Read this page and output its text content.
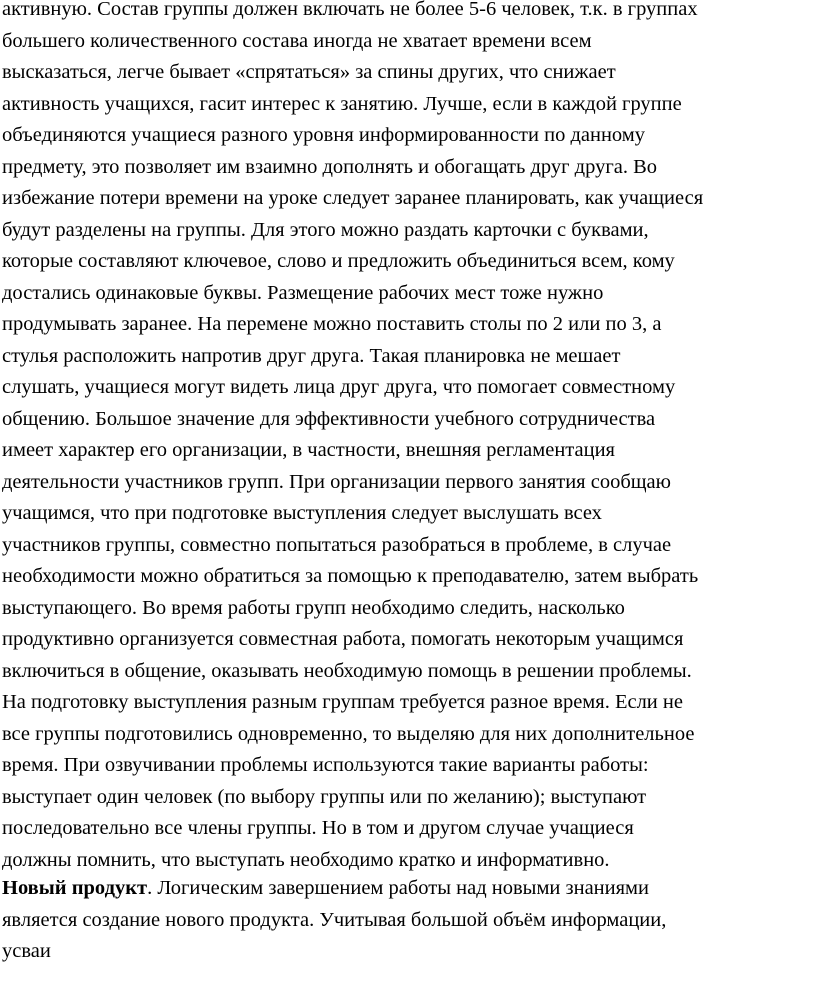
активную. Состав группы должен включать не более 5-6 человек, т.к. в группах
большего количественного состава иногда не хватает времени всем
высказаться, легче бывает «спрятаться» за спины других, что снижает
активность учащихся, гасит интерес к занятию. Лучше, если в каждой группе
объединяются учащиеся разного уровня информированности по данному
предмету, это позволяет им взаимно дополнять и обогащать друг друга. Во
избежание потери времени на уроке следует заранее планировать, как учащиеся
будут разделены на группы. Для этого можно раздать карточки с буквами,
которые составляют ключевое, слово и предложить объединиться всем, кому
достались одинаковые буквы. Размещение рабочих мест тоже нужно
продумывать заранее. На перемене можно поставить столы по 2 или по 3, а
стулья расположить напротив друг друга. Такая планировка не мешает
слушать, учащиеся могут видеть лица друг друга, что помогает совместному
общению. Большое значение для эффективности учебного сотрудничества
имеет характер его организации, в частности, внешняя регламентация
деятельности участников групп. При организации первого занятия сообщаю
учащимся, что при подготовке выступления следует выслушать всех
участников группы, совместно попытаться разобраться в проблеме, в случае
необходимости можно обратиться за помощью к преподавателю, затем выбрать
выступающего. Во время работы групп необходимо следить, насколько
продуктивно организуется совместная работа, помогать некоторым учащимся
включиться в общение, оказывать необходимую помощь в решении проблемы.
На подготовку выступления разным группам требуется разное время. Если не
все группы подготовились одновременно, то выделяю для них дополнительное
время. При озвучивании проблемы используются такие варианты работы:
выступает один человек (по выбору группы или по желанию); выступают
последовательно все члены группы. Но в том и другом случае учащиеся
должны помнить, что выступать необходимо кратко и информативно.

Новый продукт. Логическим завершением работы над новыми знаниями
является создание нового продукта. Учитывая большой объём информации,
усваи
